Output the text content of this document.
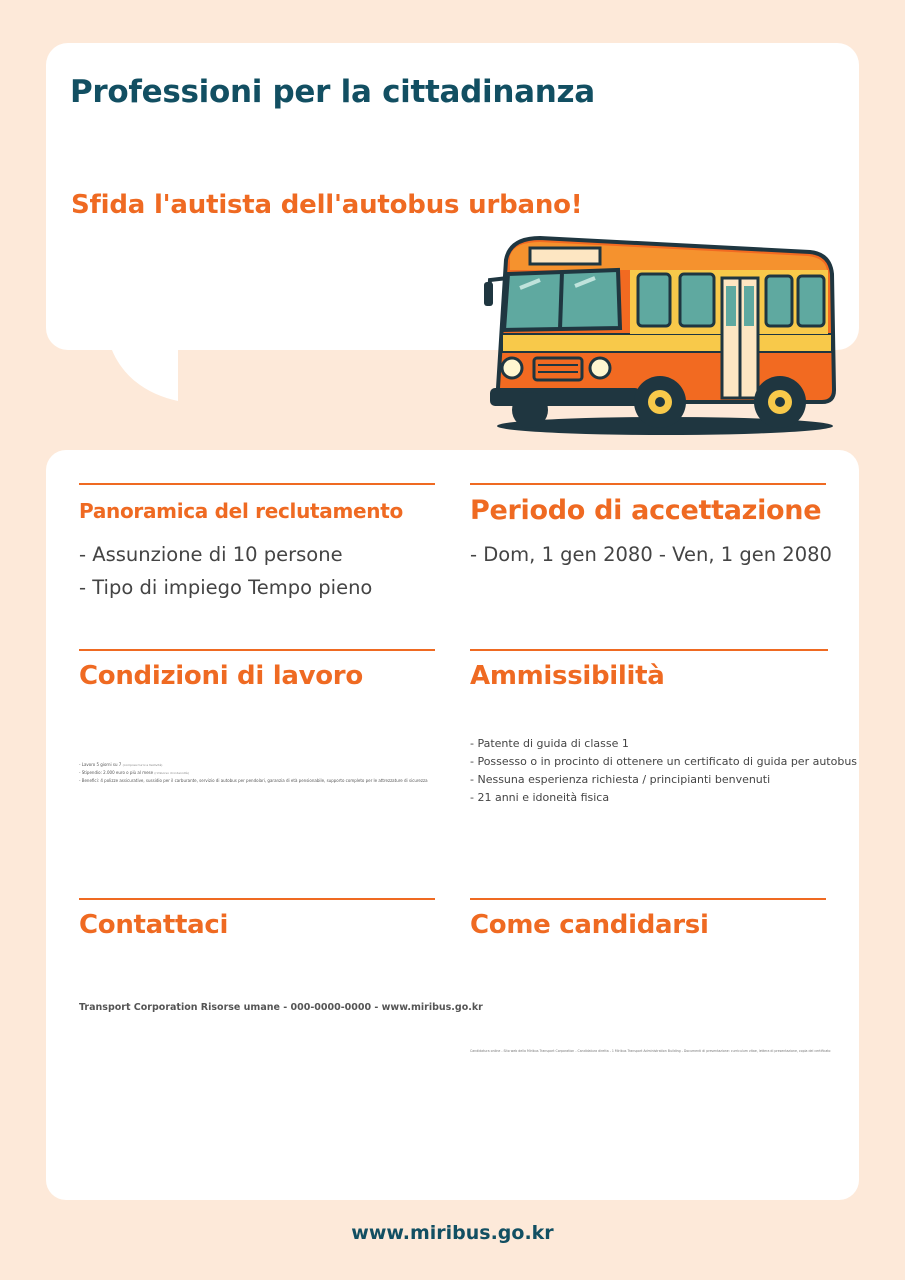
Professioni per la cittadinanza

Sfida l'autista dell'autobus urbano!

Panoramica del reclutamento
- Assunzione di 10 persone
- Tipo di impiego Tempo pieno
Periodo di accettazione
- Dom, 1 gen 2080 - Ven, 1 gen 2080
Condizioni di lavoro
- Lavoro 5 giorni su 7 (compresi turni e festività)
- Stipendio: 2.000 euro o più al mese (rimborso di indennità)
- Benefici: 4 polizze assicurative, sussidio per il carburante, servizio di autobus per pendolari, garanzia di età pensionabile, supporto completo per le attrezzature di sicurezza
Ammissibilità
- Patente di guida di classe 1
- Possesso o in procinto di ottenere un certificato di guida per autobus
- Nessuna esperienza richiesta / principianti benvenuti
- 21 anni e idoneità fisica
Contattaci

Transport Corporation Risorse umane - 000-0000-0000 - www.miribus.go.kr

Come candidarsi

Candidatura online - Sito web della Miribus Transport Corporation - Candidatura diretta - 1 Miribus Transport Administration Building - Documenti di presentazione: curriculum vitae, lettera di presentazione, copia del certificato

www.miribus.go.kr
